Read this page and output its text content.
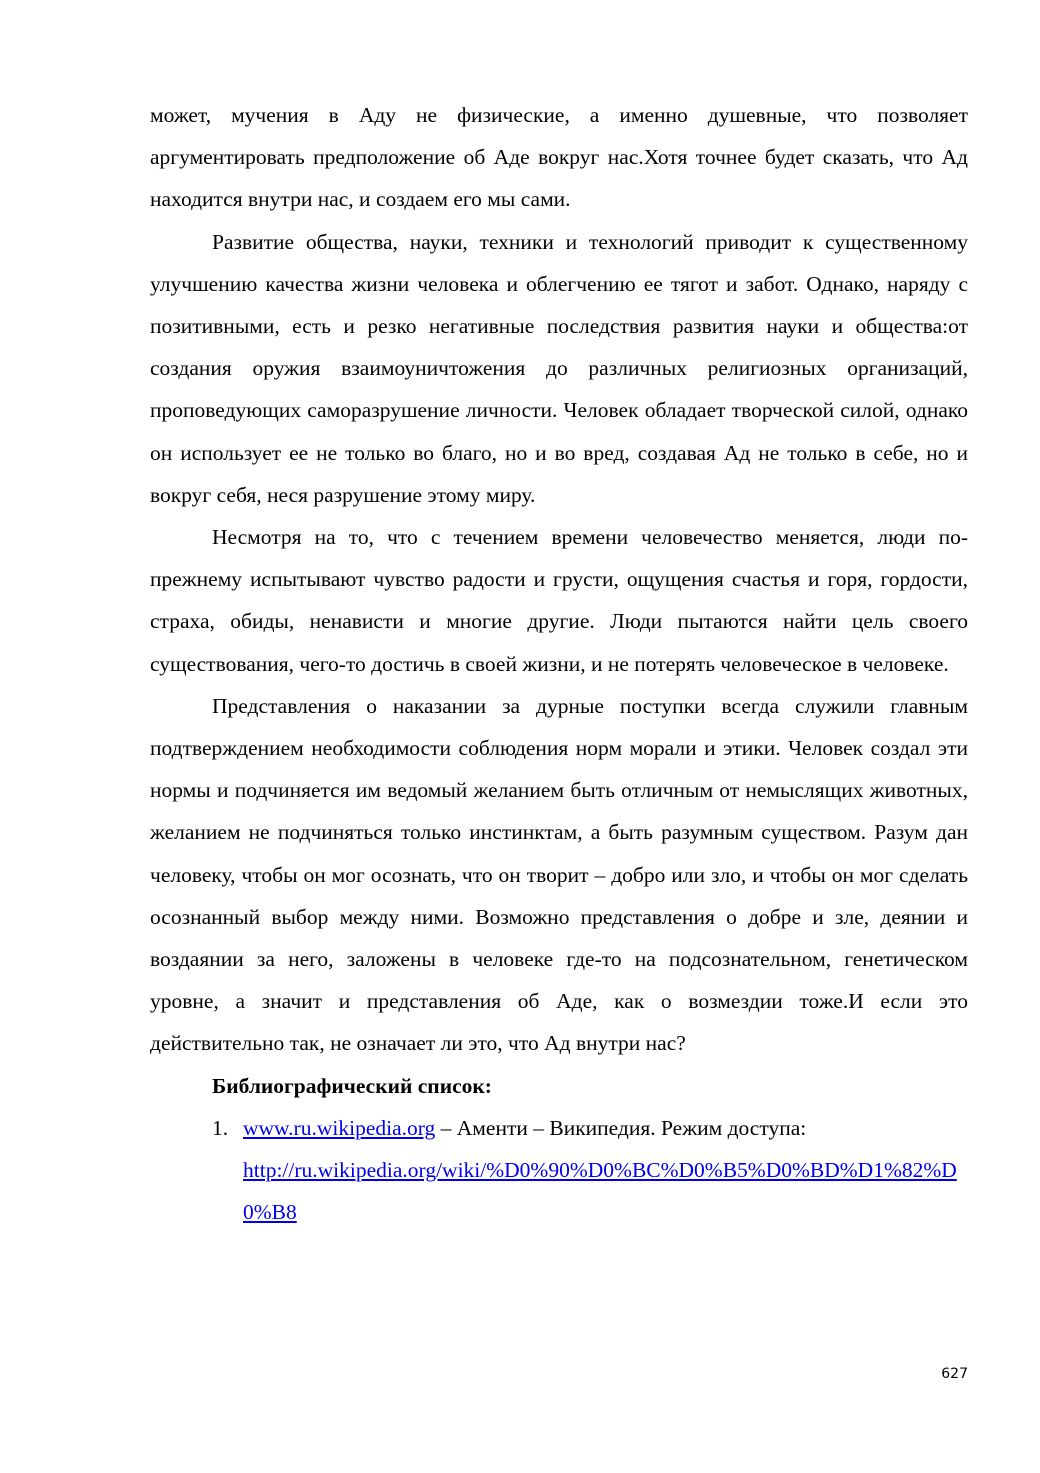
может, мучения в Аду не физические, а именно душевные, что позволяет аргументировать предположение об Аде вокруг нас.Хотя точнее будет сказать, что Ад находится внутри нас, и создаем его мы сами.

Развитие общества, науки, техники и технологий приводит к существенному улучшению качества жизни человека и облегчению ее тягот и забот. Однако, наряду с позитивными, есть и резко негативные последствия развития науки и общества:от создания оружия взаимоуничтожения до различных религиозных организаций, проповедующих саморазрушение личности. Человек обладает творческой силой, однако он использует ее не только во благо, но и во вред, создавая Ад не только в себе, но и вокруг себя, неся разрушение этому миру.

Несмотря на то, что с течением времени человечество меняется, люди по-прежнему испытывают чувство радости и грусти, ощущения счастья и горя, гордости, страха, обиды, ненависти и многие другие. Люди пытаются найти цель своего существования, чего-то достичь в своей жизни, и не потерять человеческое в человеке.

Представления о наказании за дурные поступки всегда служили главным подтверждением необходимости соблюдения норм морали и этики. Человек создал эти нормы и подчиняется им ведомый желанием быть отличным от немыслящих животных, желанием не подчиняться только инстинктам, а быть разумным существом. Разум дан человеку, чтобы он мог осознать, что он творит – добро или зло, и чтобы он мог сделать осознанный выбор между ними. Возможно представления о добре и зле, деянии и воздаянии за него, заложены в человеке где-то на подсознательном, генетическом уровне, а значит и представления об Аде, как о возмездии тоже.И если это действительно так, не означает ли это, что Ад внутри нас?

Библиографический список:

1. www.ru.wikipedia.org – Аменти – Википедия. Режим доступа:
http://ru.wikipedia.org/wiki/%D0%90%D0%BC%D0%B5%D0%BD%D1%82%D0%B8
627
